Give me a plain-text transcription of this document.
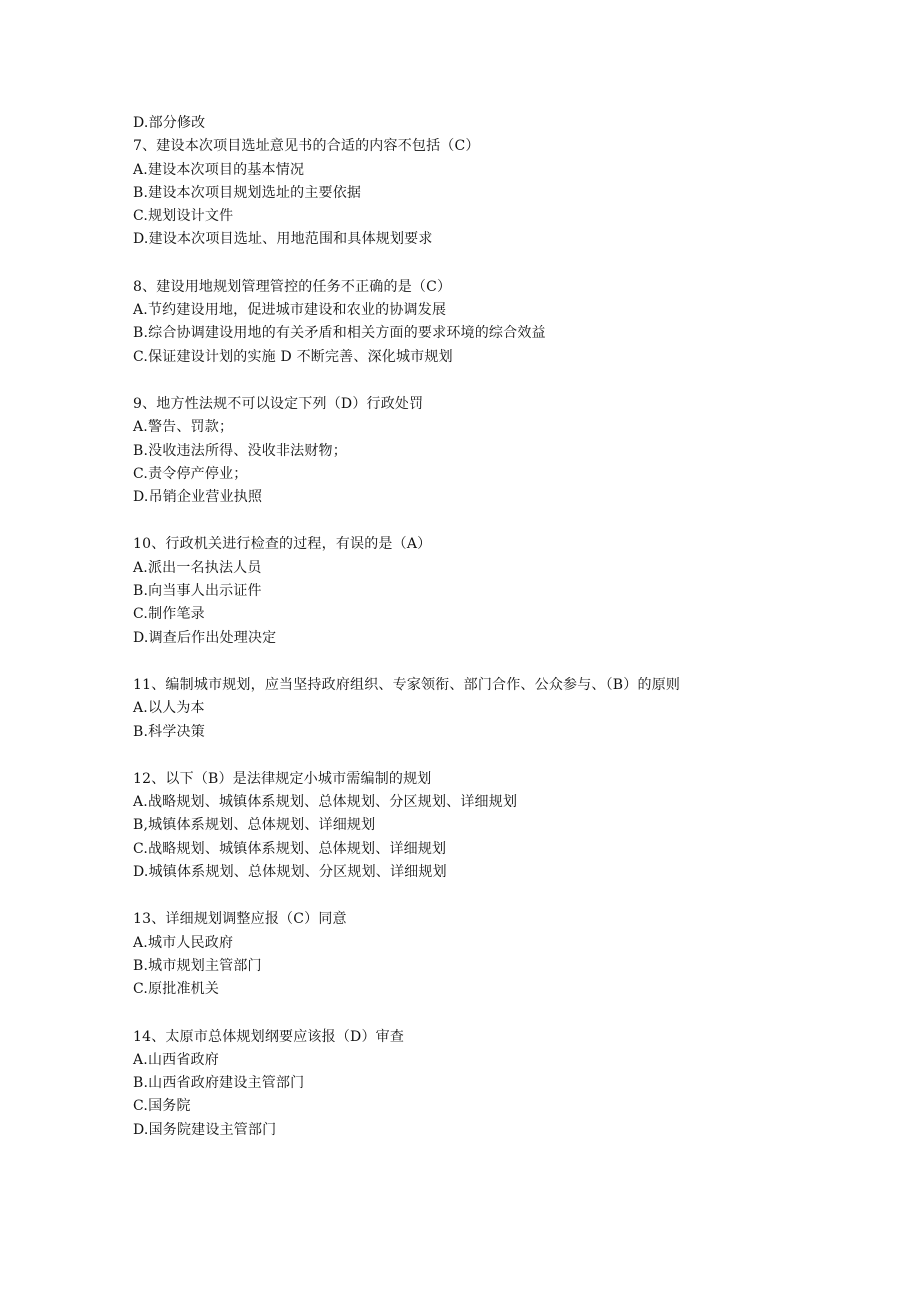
D.部分修改
7、建设本次项目选址意见书的合适的内容不包括（C）
A.建设本次项目的基本情况
B.建设本次项目规划选址的主要依据
C.规划设计文件
D.建设本次项目选址、用地范围和具体规划要求
8、建设用地规划管理管控的任务不正确的是（C）
A.节约建设用地，促进城市建设和农业的协调发展
B.综合协调建设用地的有关矛盾和相关方面的要求环境的综合效益
C.保证建设计划的实施 D 不断完善、深化城市规划
9、地方性法规不可以设定下列（D）行政处罚
A.警告、罚款；
B.没收违法所得、没收非法财物；
C.责令停产停业；
D.吊销企业营业执照
10、行政机关进行检查的过程，有误的是（A）
A.派出一名执法人员
B.向当事人出示证件
C.制作笔录
D.调查后作出处理决定
11、编制城市规划，应当坚持政府组织、专家领衔、部门合作、公众参与、（B）的原则
A.以人为本
B.科学决策
12、以下（B）是法律规定小城市需编制的规划
A.战略规划、城镇体系规划、总体规划、分区规划、详细规划
B,城镇体系规划、总体规划、详细规划
C.战略规划、城镇体系规划、总体规划、详细规划
D.城镇体系规划、总体规划、分区规划、详细规划
13、详细规划调整应报（C）同意
A.城市人民政府
B.城市规划主管部门
C.原批准机关
14、太原市总体规划纲要应该报（D）审查
A.山西省政府
B.山西省政府建设主管部门
C.国务院
D.国务院建设主管部门
